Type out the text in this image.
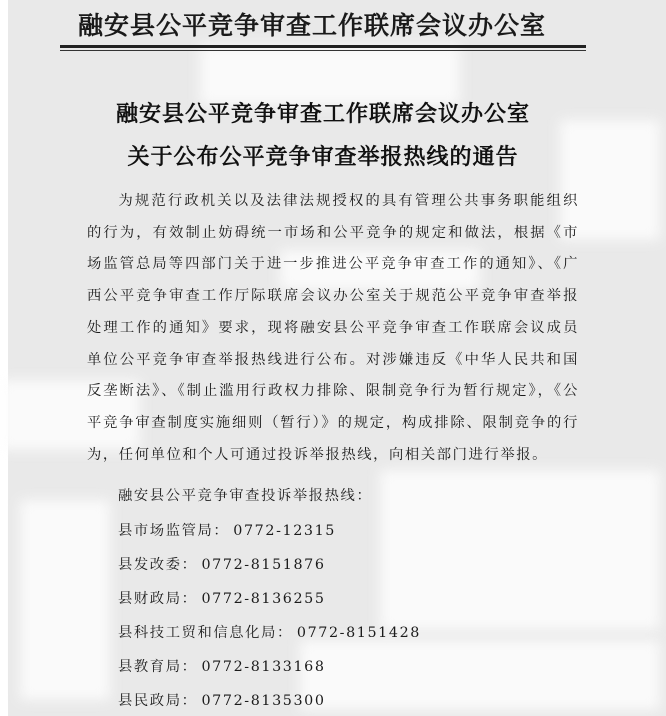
融安县公平竞争审查工作联席会议办公室
融安县公平竞争审查工作联席会议办公室
关于公布公平竞争审查举报热线的通告
为规范行政机关以及法律法规授权的具有管理公共事务职能组织的行为，有效制止妨碍统一市场和公平竞争的规定和做法，根据《市场监管总局等四部门关于进一步推进公平竞争审查工作的通知》、《广西公平竞争审查工作厅际联席会议办公室关于规范公平竞争审查举报处理工作的通知》要求，现将融安县公平竞争审查工作联席会议成员单位公平竞争审查举报热线进行公布。对涉嫌违反《中华人民共和国反垄断法》、《制止滥用行政权力排除、限制竞争行为暂行规定》，《公平竞争审查制度实施细则（暂行）》的规定，构成排除、限制竞争的行为，任何单位和个人可通过投诉举报热线，向相关部门进行举报。
融安县公平竞争审查投诉举报热线：
县市场监管局： 0772-12315
县发改委： 0772-8151876
县财政局： 0772-8136255
县科技工贸和信息化局： 0772-8151428
县教育局： 0772-8133168
县民政局： 0772-8135300
